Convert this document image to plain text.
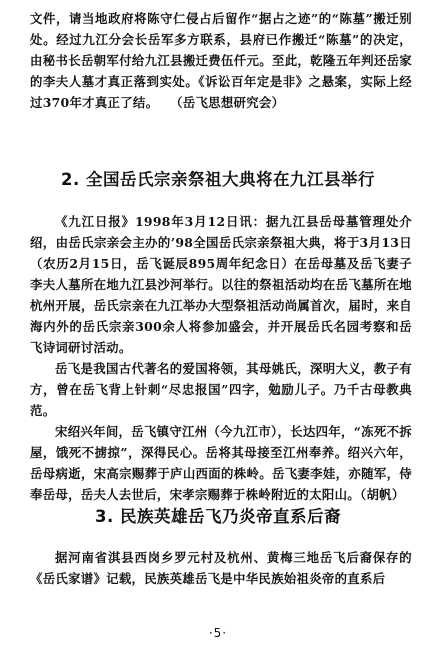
文件，请当地政府将陈守仁侵占后留作“据占之迹”的“陈墓”搬迁别处。经过九江分会长岳军多方联系，县府已作搬迁“陈墓”的决定，由秘书长岳朝军付给九江县搬迁费伍仟元。至此，乾隆五年判还岳家的李夫人墓才真正落到实处。《诉讼百年定是非》之悬案，实际上经过370年才真正了结。 （岳飞思想研究会）

2. 全国岳氏宗亲祭祖大典将在九江县举行

《九江日报》1998年3月12日讯：据九江县岳母墓管理处介绍，由岳氏宗亲会主办的’98全国岳氏宗亲祭祖大典，将于3月13日（农历2月15日，岳飞诞辰895周年纪念日）在岳母墓及岳飞妻子李夫人墓所在地九江县沙河举行。以往的祭祖活动均在岳飞墓所在地杭州开展，岳氏宗亲在九江举办大型祭祖活动尚属首次，届时，来自海内外的岳氏宗亲300余人将参加盛会，并开展岳氏名园考察和岳飞诗词研讨活动。

岳飞是我国古代著名的爱国将领，其母姚氏，深明大义，教子有方，曾在岳飞背上针刺“尽忠报国”四字，勉励儿子。乃千古母教典范。

宋绍兴年间，岳飞镇守江州（今九江市），长达四年，“冻死不拆屋，饿死不掳掠”，深得民心。岳将其母接至江州奉养。绍兴六年，岳母病逝，宋高宗赐葬于庐山西面的株岭。岳飞妻李娃，亦随军，侍奉岳母，岳夫人去世后，宋孝宗赐葬于株岭附近的太阳山。（胡帆）

3. 民族英雄岳飞乃炎帝直系后裔

据河南省淇县西岗乡罗元村及杭州、黄梅三地岳飞后裔保存的《岳氏家谱》记载，民族英雄岳飞是中华民族始祖炎帝的直系后

·5·
